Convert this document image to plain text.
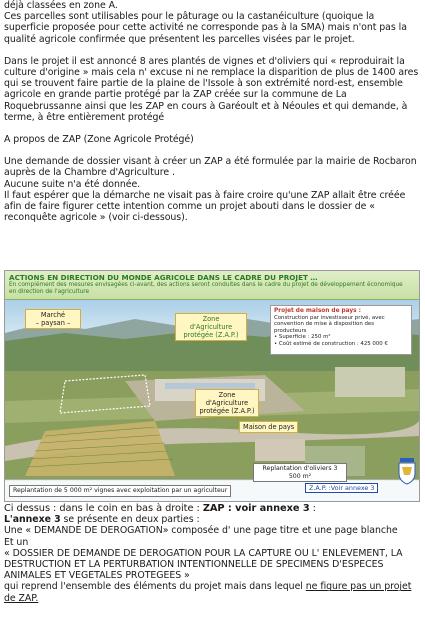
déjà classées en zone A.

Ces parcelles sont utilisables pour le pâturage ou la castanéiculture (quoique la superficie proposée pour cette activité ne corresponde pas à la SMA) mais n'ont pas la qualité agricole confirmée que présentent les parcelles visées par le projet.

Dans le projet il est annoncé 8 ares plantés de vignes et d'oliviers qui « reproduirait la culture d'origine » mais cela n' excuse ni ne remplace la disparition de plus de 1400 ares qui se trouvent faire partie de la plaine de l'Issole à son extrémité nord-est, ensemble agricole en grande partie protégé par la ZAP créée sur la commune de La Roquebrussanne ainsi que les ZAP en cours à Garéoult et à Néoules et qui demande, à terme, à être entièrement protégé

A propos de ZAP (Zone Agricole Protégé)

Une demande de dossier visant à créer un ZAP a été formulée par la mairie de Rocbaron auprès de la Chambre d'Agriculture .

Aucune suite n'a été donnée.

Il faut espérer que la démarche ne visait pas à faire croire qu'une ZAP allait être créée afin de faire figurer cette intention comme un projet abouti dans le dossier de « reconquête agricole » (voir ci-dessous).

ACTIONS EN DIRECTION DU MONDE AGRICOLE DANS LE CADRE DU PROJET …
En complément des mesures envisagées ci-avant, des actions seront conduites dans le cadre du projet de développement économique en direction de l'agriculture
Marché
– paysan –	Zone
d'Agriculture
protégée (Z.A.P.)
Projet de maison de pays :
Construction par investisseur privé, avec convention de mise à disposition des producteurs
• Superficie : 250 m²
• Coût estimé de construction : 425 000 €
Zone
d'Agriculture
protégée (Z.A.P.)
Maison de pays
Replantation de 5 000 m² vignes avec exploitation par un agriculteur
Replantation d'oliviers 3 500 m²
Z.A.P. :Voir annexe 3

Ci dessus : dans le coin en bas à droite : ZAP : voir annexe 3 :

L'annexe 3 se présente en deux parties :

Une « DEMANDE DE DEROGATION» composée d' une page titre et une page blanche

Et un

« DOSSIER DE DEMANDE DE DEROGATION POUR LA CAPTURE OU L' ENLEVEMENT, LA DESTRUCTION ET LA PERTURBATION INTENTIONNELLE DE SPECIMENS D'ESPECES ANIMALES ET VEGETALES PROTEGEES »

qui reprend l'ensemble des éléments du projet mais dans lequel ne figure pas un projet de ZAP.
